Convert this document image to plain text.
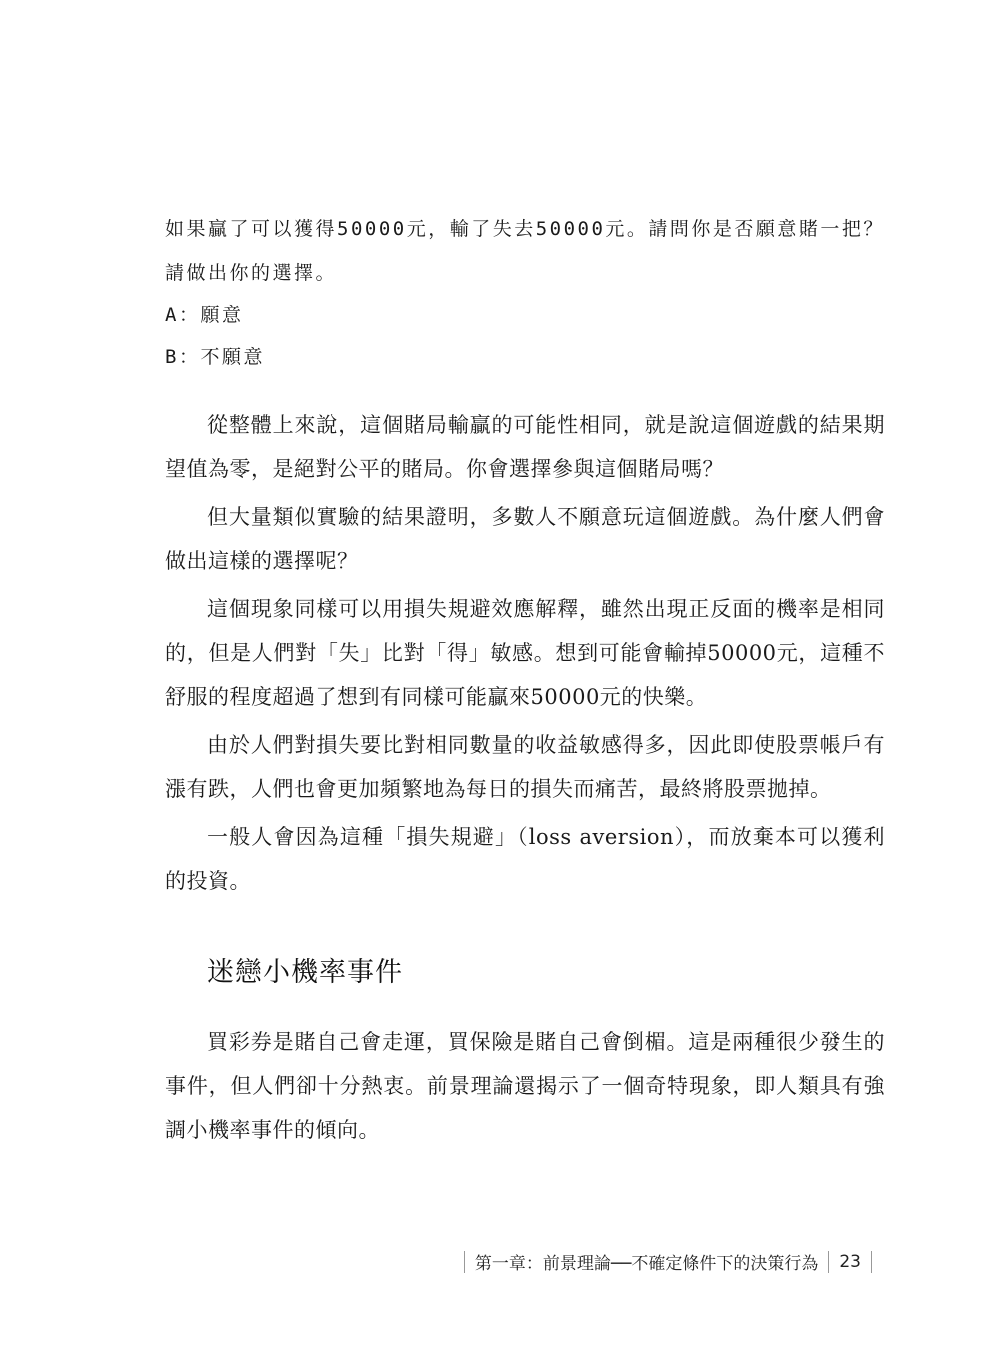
如果贏了可以獲得50000元，輸了失去50000元。請問你是否願意賭一把？請做出你的選擇。

A：願意

B：不願意

從整體上來說，這個賭局輸贏的可能性相同，就是說這個遊戲的結果期望值為零，是絕對公平的賭局。你會選擇參與這個賭局嗎？

但大量類似實驗的結果證明，多數人不願意玩這個遊戲。為什麼人們會做出這樣的選擇呢？

這個現象同樣可以用損失規避效應解釋，雖然出現正反面的機率是相同的，但是人們對「失」比對「得」敏感。想到可能會輸掉50000元，這種不舒服的程度超過了想到有同樣可能贏來50000元的快樂。

由於人們對損失要比對相同數量的收益敏感得多，因此即使股票帳戶有漲有跌，人們也會更加頻繁地為每日的損失而痛苦，最終將股票拋掉。

一般人會因為這種「損失規避」（loss aversion），而放棄本可以獲利的投資。

迷戀小機率事件

買彩券是賭自己會走運，買保險是賭自己會倒楣。這是兩種很少發生的事件，但人們卻十分熱衷。前景理論還揭示了一個奇特現象，即人類具有強調小機率事件的傾向。

第一章：前景理論──不確定條件下的決策行為 23
